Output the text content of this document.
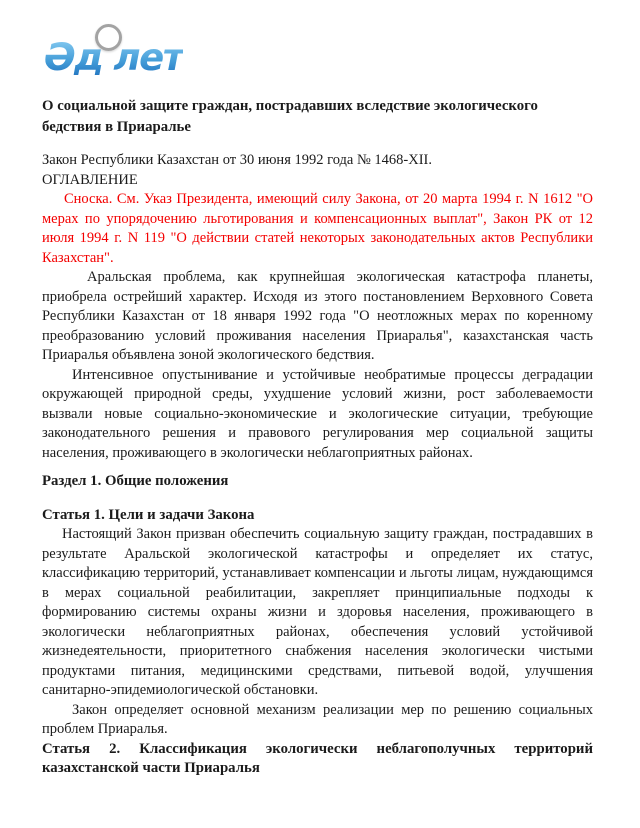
Әд
ілет
О социальной защите граждан, пострадавших вследствие экологического бедствия в Приаралье

Закон Республики Казахстан от 30 июня 1992 года № 1468-XII.

ОГЛАВЛЕНИЕ

Сноска. См. Указ Президента, имеющий силу Закона, от 20 марта 1994 г. N 1612 "О мерах по упорядочению льготирования и компенсационных выплат", Закон РК от 12 июля 1994 г. N 119 "О действии статей некоторых законодательных актов Республики Казахстан".

Аральская проблема, как крупнейшая экологическая катастрофа планеты, приобрела острейший характер. Исходя из этого постановлением Верховного Совета Республики Казахстан от 18 января 1992 года "О неотложных мерах по коренному преобразованию условий проживания населения Приаралья", казахстанская часть Приаралья объявлена зоной экологического бедствия.

Интенсивное опустынивание и устойчивые необратимые процессы деградации окружающей природной среды, ухудшение условий жизни, рост заболеваемости вызвали новые социально-экономические и экологические ситуации, требующие законодательного решения и правового регулирования мер социальной защиты населения, проживающего в экологически неблагоприятных районах.

Раздел 1. Общие положения
Статья 1. Цели и задачи Закона

Настоящий Закон призван обеспечить социальную защиту граждан, пострадавших в результате Аральской экологической катастрофы и определяет их статус, классификацию территорий, устанавливает компенсации и льготы лицам, нуждающимся в мерах социальной реабилитации, закрепляет принципиальные подходы к формированию системы охраны жизни и здоровья населения, проживающего в экологически неблагоприятных районах, обеспечения условий устойчивой жизнедеятельности, приоритетного снабжения населения экологически чистыми продуктами питания, медицинскими средствами, питьевой водой, улучшения санитарно-эпидемиологической обстановки.

Закон определяет основной механизм реализации мер по решению социальных проблем Приаралья.

Статья 2. Классификация экологически неблагополучных территорий казахстанской части Приаралья
